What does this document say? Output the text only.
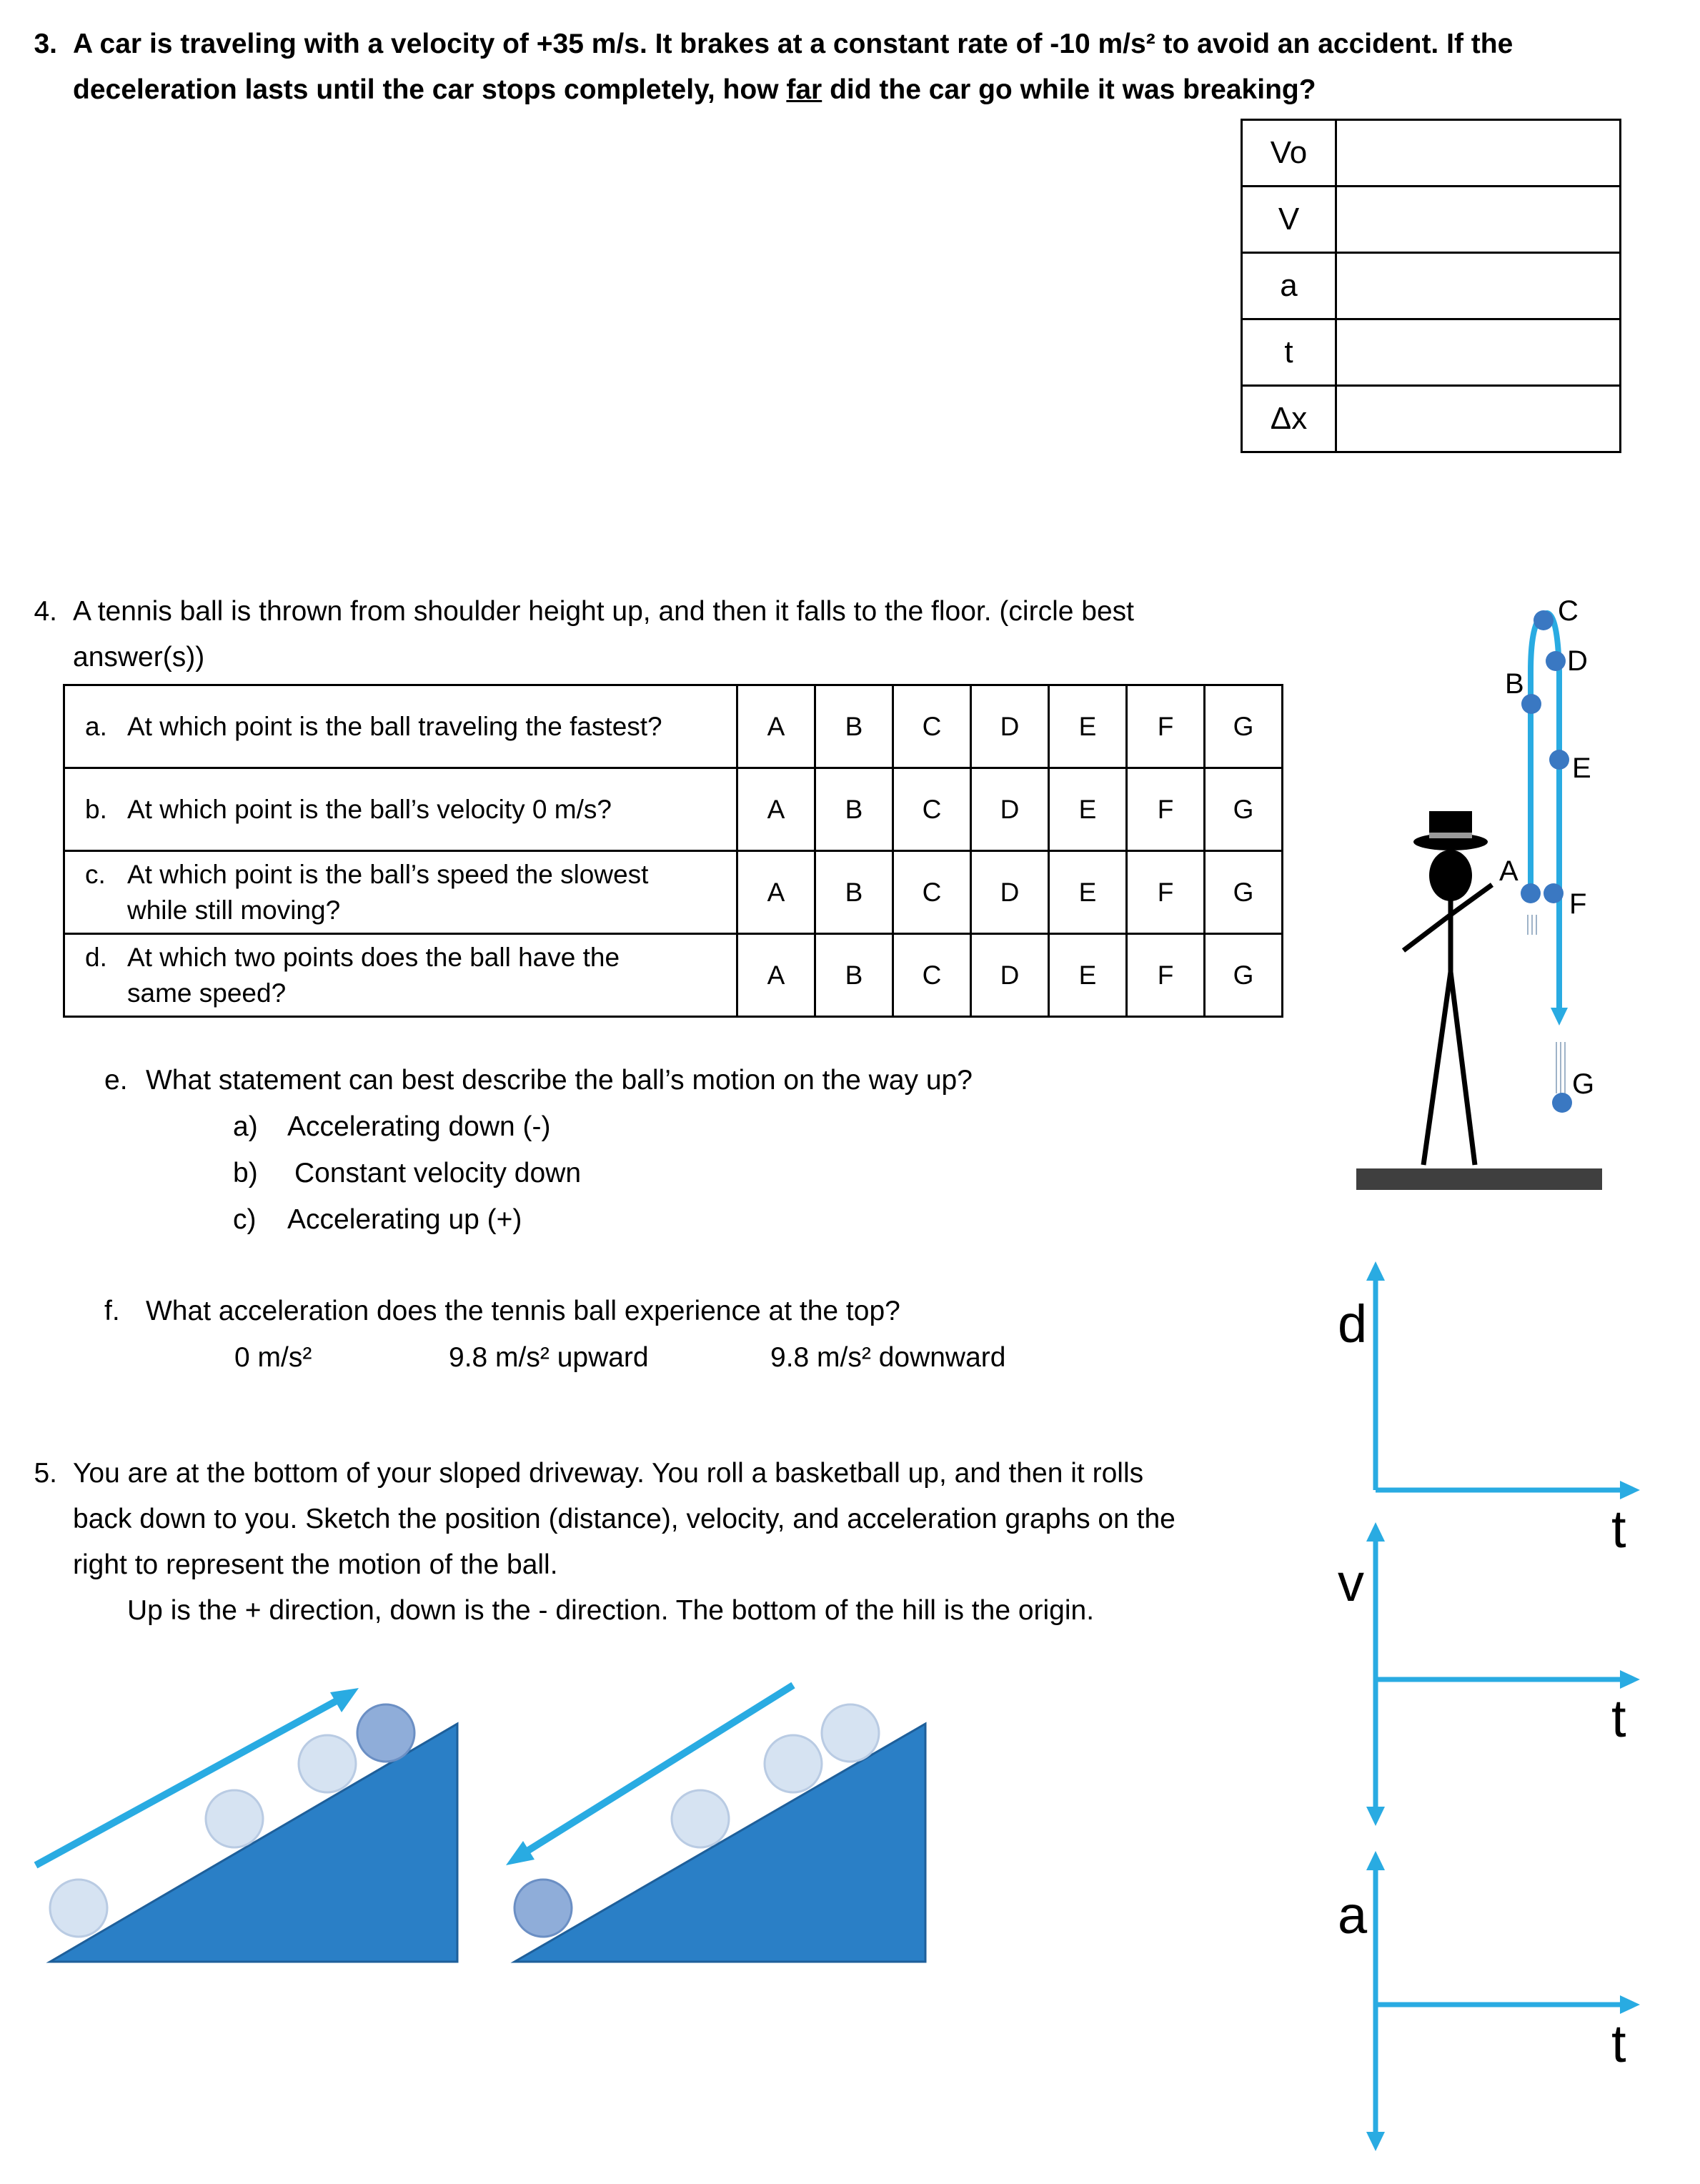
3. A car is traveling with a velocity of +35 m/s. It brakes at a constant rate of -10 m/s² to avoid an accident. If the
deceleration lasts until the car stops completely, how far did the car go while it was breaking?
Vo	
V	
a	
t	
Δx	
4. A tennis ball is thrown from shoulder height up, and then it falls to the floor. (circle best
answer(s))
a. At which point is the ball traveling the fastest?	A	B	C	D	E	F	G
b. At which point is the ball’s velocity 0 m/s?	A	B	C	D	E	F	G
c. At which point is the ball’s speed the slowest
while still moving?	A	B	C	D	E	F	G
d. At which two points does the ball have the
same speed?	A	B	C	D	E	F	G
e. What statement can best describe the ball’s motion on the way up?
a) Accelerating down (-)
b) Constant velocity down
c) Accelerating up (+)
f. What acceleration does the tennis ball experience at the top?
0 m/s²	9.8 m/s² upward	9.8 m/s² downward
A
B
C
D
E
F
G
5. You are at the bottom of your sloped driveway. You roll a basketball up, and then it rolls
back down to you. Sketch the position (distance), velocity, and acceleration graphs on the
right to represent the motion of the ball.
Up is the + direction, down is the - direction. The bottom of the hill is the origin.
d
t
v
t
a
t
